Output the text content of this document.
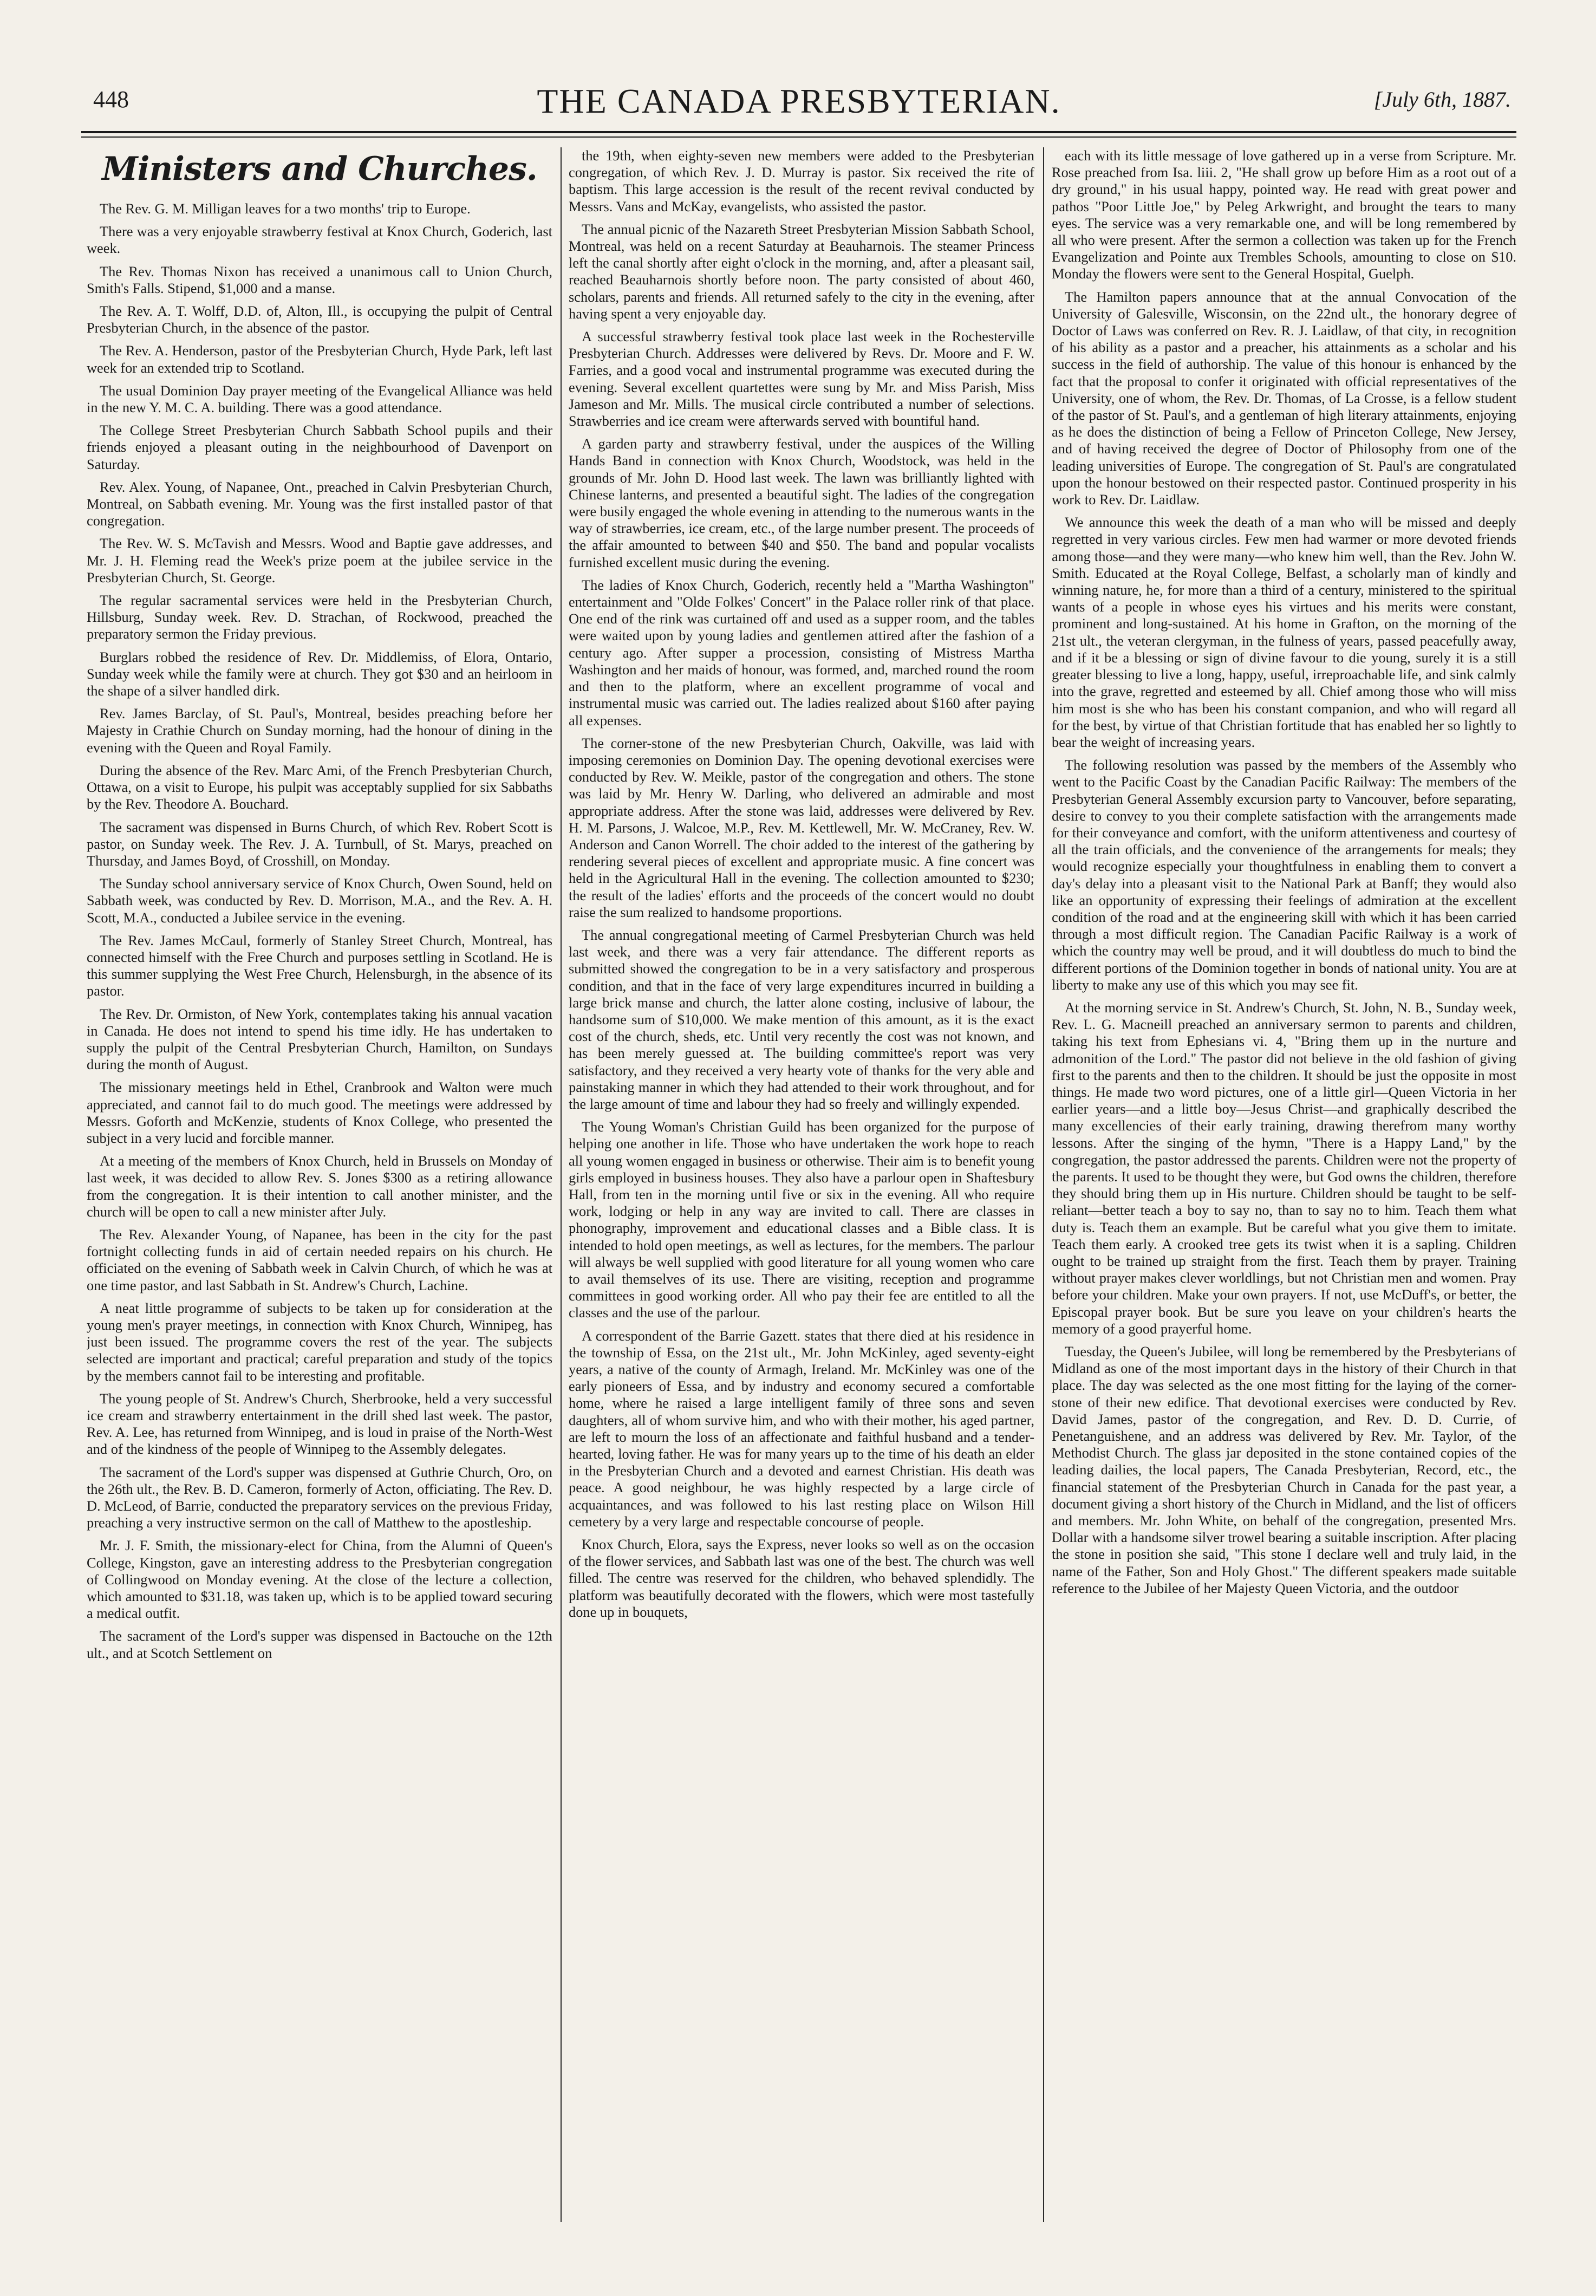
448	THE CANADA PRESBYTERIAN.	[July 6th, 1887.
Ministers and Churches.

The Rev. G. M. Milligan leaves for a two months' trip to Europe.

There was a very enjoyable strawberry festival at Knox Church, Goderich, last week.

The Rev. Thomas Nixon has received a unanimous call to Union Church, Smith's Falls. Stipend, $1,000 and a manse.

The Rev. A. T. Wolff, D.D. of, Alton, Ill., is occupying the pulpit of Central Presbyterian Church, in the absence of the pastor.

The Rev. A. Henderson, pastor of the Presbyterian Church, Hyde Park, left last week for an extended trip to Scotland.

The usual Dominion Day prayer meeting of the Evangelical Alliance was held in the new Y. M. C. A. building. There was a good attendance.

The College Street Presbyterian Church Sabbath School pupils and their friends enjoyed a pleasant outing in the neighbourhood of Davenport on Saturday.

Rev. Alex. Young, of Napanee, Ont., preached in Calvin Presbyterian Church, Montreal, on Sabbath evening. Mr. Young was the first installed pastor of that congregation.

The Rev. W. S. McTavish and Messrs. Wood and Baptie gave addresses, and Mr. J. H. Fleming read the Week's prize poem at the jubilee service in the Presbyterian Church, St. George.

The regular sacramental services were held in the Presbyterian Church, Hillsburg, Sunday week. Rev. D. Strachan, of Rockwood, preached the preparatory sermon the Friday previous.

Burglars robbed the residence of Rev. Dr. Middlemiss, of Elora, Ontario, Sunday week while the family were at church. They got $30 and an heirloom in the shape of a silver handled dirk.

Rev. James Barclay, of St. Paul's, Montreal, besides preaching before her Majesty in Crathie Church on Sunday morning, had the honour of dining in the evening with the Queen and Royal Family.

During the absence of the Rev. Marc Ami, of the French Presbyterian Church, Ottawa, on a visit to Europe, his pulpit was acceptably supplied for six Sabbaths by the Rev. Theodore A. Bouchard.

The sacrament was dispensed in Burns Church, of which Rev. Robert Scott is pastor, on Sunday week. The Rev. J. A. Turnbull, of St. Marys, preached on Thursday, and James Boyd, of Crosshill, on Monday.

The Sunday school anniversary service of Knox Church, Owen Sound, held on Sabbath week, was conducted by Rev. D. Morrison, M.A., and the Rev. A. H. Scott, M.A., conducted a Jubilee service in the evening.

The Rev. James McCaul, formerly of Stanley Street Church, Montreal, has connected himself with the Free Church and purposes settling in Scotland. He is this summer supplying the West Free Church, Helensburgh, in the absence of its pastor.

The Rev. Dr. Ormiston, of New York, contemplates taking his annual vacation in Canada. He does not intend to spend his time idly. He has undertaken to supply the pulpit of the Central Presbyterian Church, Hamilton, on Sundays during the month of August.

The missionary meetings held in Ethel, Cranbrook and Walton were much appreciated, and cannot fail to do much good. The meetings were addressed by Messrs. Goforth and McKenzie, students of Knox College, who presented the subject in a very lucid and forcible manner.

At a meeting of the members of Knox Church, held in Brussels on Monday of last week, it was decided to allow Rev. S. Jones $300 as a retiring allowance from the congregation. It is their intention to call another minister, and the church will be open to call a new minister after July.

The Rev. Alexander Young, of Napanee, has been in the city for the past fortnight collecting funds in aid of certain needed repairs on his church. He officiated on the evening of Sabbath week in Calvin Church, of which he was at one time pastor, and last Sabbath in St. Andrew's Church, Lachine.

A neat little programme of subjects to be taken up for consideration at the young men's prayer meetings, in connection with Knox Church, Winnipeg, has just been issued. The programme covers the rest of the year. The subjects selected are important and practical; careful preparation and study of the topics by the members cannot fail to be interesting and profitable.

The young people of St. Andrew's Church, Sherbrooke, held a very successful ice cream and strawberry entertainment in the drill shed last week. The pastor, Rev. A. Lee, has returned from Winnipeg, and is loud in praise of the North-West and of the kindness of the people of Winnipeg to the Assembly delegates.

The sacrament of the Lord's supper was dispensed at Guthrie Church, Oro, on the 26th ult., the Rev. B. D. Cameron, formerly of Acton, officiating. The Rev. D. D. McLeod, of Barrie, conducted the preparatory services on the previous Friday, preaching a very instructive sermon on the call of Matthew to the apostleship.

Mr. J. F. Smith, the missionary-elect for China, from the Alumni of Queen's College, Kingston, gave an interesting address to the Presbyterian congregation of Collingwood on Monday evening. At the close of the lecture a collection, which amounted to $31.18, was taken up, which is to be applied toward securing a medical outfit.

The sacrament of the Lord's supper was dispensed in Bactouche on the 12th ult., and at Scotch Settlement on

the 19th, when eighty-seven new members were added to the Presbyterian congregation, of which Rev. J. D. Murray is pastor. Six received the rite of baptism. This large accession is the result of the recent revival conducted by Messrs. Vans and McKay, evangelists, who assisted the pastor.

The annual picnic of the Nazareth Street Presbyterian Mission Sabbath School, Montreal, was held on a recent Saturday at Beauharnois. The steamer Princess left the canal shortly after eight o'clock in the morning, and, after a pleasant sail, reached Beauharnois shortly before noon. The party consisted of about 460, scholars, parents and friends. All returned safely to the city in the evening, after having spent a very enjoyable day.

A successful strawberry festival took place last week in the Rochesterville Presbyterian Church. Addresses were delivered by Revs. Dr. Moore and F. W. Farries, and a good vocal and instrumental programme was executed during the evening. Several excellent quartettes were sung by Mr. and Miss Parish, Miss Jameson and Mr. Mills. The musical circle contributed a number of selections. Strawberries and ice cream were afterwards served with bountiful hand.

A garden party and strawberry festival, under the auspices of the Willing Hands Band in connection with Knox Church, Woodstock, was held in the grounds of Mr. John D. Hood last week. The lawn was brilliantly lighted with Chinese lanterns, and presented a beautiful sight. The ladies of the congregation were busily engaged the whole evening in attending to the numerous wants in the way of strawberries, ice cream, etc., of the large number present. The proceeds of the affair amounted to between $40 and $50. The band and popular vocalists furnished excellent music during the evening.

The ladies of Knox Church, Goderich, recently held a "Martha Washington" entertainment and "Olde Folkes' Concert" in the Palace roller rink of that place. One end of the rink was curtained off and used as a supper room, and the tables were waited upon by young ladies and gentlemen attired after the fashion of a century ago. After supper a procession, consisting of Mistress Martha Washington and her maids of honour, was formed, and, marched round the room and then to the platform, where an excellent programme of vocal and instrumental music was carried out. The ladies realized about $160 after paying all expenses.

The corner-stone of the new Presbyterian Church, Oakville, was laid with imposing ceremonies on Dominion Day. The opening devotional exercises were conducted by Rev. W. Meikle, pastor of the congregation and others. The stone was laid by Mr. Henry W. Darling, who delivered an admirable and most appropriate address. After the stone was laid, addresses were delivered by Rev. H. M. Parsons, J. Walcoe, M.P., Rev. M. Kettlewell, Mr. W. McCraney, Rev. W. Anderson and Canon Worrell. The choir added to the interest of the gathering by rendering several pieces of excellent and appropriate music. A fine concert was held in the Agricultural Hall in the evening. The collection amounted to $230; the result of the ladies' efforts and the proceeds of the concert would no doubt raise the sum realized to handsome proportions.

The annual congregational meeting of Carmel Presbyterian Church was held last week, and there was a very fair attendance. The different reports as submitted showed the congregation to be in a very satisfactory and prosperous condition, and that in the face of very large expenditures incurred in building a large brick manse and church, the latter alone costing, inclusive of labour, the handsome sum of $10,000. We make mention of this amount, as it is the exact cost of the church, sheds, etc. Until very recently the cost was not known, and has been merely guessed at. The building committee's report was very satisfactory, and they received a very hearty vote of thanks for the very able and painstaking manner in which they had attended to their work throughout, and for the large amount of time and labour they had so freely and willingly expended.

The Young Woman's Christian Guild has been organized for the purpose of helping one another in life. Those who have undertaken the work hope to reach all young women engaged in business or otherwise. Their aim is to benefit young girls employed in business houses. They also have a parlour open in Shaftesbury Hall, from ten in the morning until five or six in the evening. All who require work, lodging or help in any way are invited to call. There are classes in phonography, improvement and educational classes and a Bible class. It is intended to hold open meetings, as well as lectures, for the members. The parlour will always be well supplied with good literature for all young women who care to avail themselves of its use. There are visiting, reception and programme committees in good working order. All who pay their fee are entitled to all the classes and the use of the parlour.

A correspondent of the Barrie Gazett. states that there died at his residence in the township of Essa, on the 21st ult., Mr. John McKinley, aged seventy-eight years, a native of the county of Armagh, Ireland. Mr. McKinley was one of the early pioneers of Essa, and by industry and economy secured a comfortable home, where he raised a large intelligent family of three sons and seven daughters, all of whom survive him, and who with their mother, his aged partner, are left to mourn the loss of an affectionate and faithful husband and a tender-hearted, loving father. He was for many years up to the time of his death an elder in the Presbyterian Church and a devoted and earnest Christian. His death was peace. A good neighbour, he was highly respected by a large circle of acquaintances, and was followed to his last resting place on Wilson Hill cemetery by a very large and respectable concourse of people.

Knox Church, Elora, says the Express, never looks so well as on the occasion of the flower services, and Sabbath last was one of the best. The church was well filled. The centre was reserved for the children, who behaved splendidly. The platform was beautifully decorated with the flowers, which were most tastefully done up in bouquets,

each with its little message of love gathered up in a verse from Scripture. Mr. Rose preached from Isa. liii. 2, "He shall grow up before Him as a root out of a dry ground," in his usual happy, pointed way. He read with great power and pathos "Poor Little Joe," by Peleg Arkwright, and brought the tears to many eyes. The service was a very remarkable one, and will be long remembered by all who were present. After the sermon a collection was taken up for the French Evangelization and Pointe aux Trembles Schools, amounting to close on $10. Monday the flowers were sent to the General Hospital, Guelph.

The Hamilton papers announce that at the annual Convocation of the University of Galesville, Wisconsin, on the 22nd ult., the honorary degree of Doctor of Laws was conferred on Rev. R. J. Laidlaw, of that city, in recognition of his ability as a pastor and a preacher, his attainments as a scholar and his success in the field of authorship. The value of this honour is enhanced by the fact that the proposal to confer it originated with official representatives of the University, one of whom, the Rev. Dr. Thomas, of La Crosse, is a fellow student of the pastor of St. Paul's, and a gentleman of high literary attainments, enjoying as he does the distinction of being a Fellow of Princeton College, New Jersey, and of having received the degree of Doctor of Philosophy from one of the leading universities of Europe. The congregation of St. Paul's are congratulated upon the honour bestowed on their respected pastor. Continued prosperity in his work to Rev. Dr. Laidlaw.

We announce this week the death of a man who will be missed and deeply regretted in very various circles. Few men had warmer or more devoted friends among those—and they were many—who knew him well, than the Rev. John W. Smith. Educated at the Royal College, Belfast, a scholarly man of kindly and winning nature, he, for more than a third of a century, ministered to the spiritual wants of a people in whose eyes his virtues and his merits were constant, prominent and long-sustained. At his home in Grafton, on the morning of the 21st ult., the veteran clergyman, in the fulness of years, passed peacefully away, and if it be a blessing or sign of divine favour to die young, surely it is a still greater blessing to live a long, happy, useful, irreproachable life, and sink calmly into the grave, regretted and esteemed by all. Chief among those who will miss him most is she who has been his constant companion, and who will regard all for the best, by virtue of that Christian fortitude that has enabled her so lightly to bear the weight of increasing years.

The following resolution was passed by the members of the Assembly who went to the Pacific Coast by the Canadian Pacific Railway: The members of the Presbyterian General Assembly excursion party to Vancouver, before separating, desire to convey to you their complete satisfaction with the arrangements made for their conveyance and comfort, with the uniform attentiveness and courtesy of all the train officials, and the convenience of the arrangements for meals; they would recognize especially your thoughtfulness in enabling them to convert a day's delay into a pleasant visit to the National Park at Banff; they would also like an opportunity of expressing their feelings of admiration at the excellent condition of the road and at the engineering skill with which it has been carried through a most difficult region. The Canadian Pacific Railway is a work of which the country may well be proud, and it will doubtless do much to bind the different portions of the Dominion together in bonds of national unity. You are at liberty to make any use of this which you may see fit.

At the morning service in St. Andrew's Church, St. John, N. B., Sunday week, Rev. L. G. Macneill preached an anniversary sermon to parents and children, taking his text from Ephesians vi. 4, "Bring them up in the nurture and admonition of the Lord." The pastor did not believe in the old fashion of giving first to the parents and then to the children. It should be just the opposite in most things. He made two word pictures, one of a little girl—Queen Victoria in her earlier years—and a little boy—Jesus Christ—and graphically described the many excellencies of their early training, drawing therefrom many worthy lessons. After the singing of the hymn, "There is a Happy Land," by the congregation, the pastor addressed the parents. Children were not the property of the parents. It used to be thought they were, but God owns the children, therefore they should bring them up in His nurture. Children should be taught to be self-reliant—better teach a boy to say no, than to say no to him. Teach them what duty is. Teach them an example. But be careful what you give them to imitate. Teach them early. A crooked tree gets its twist when it is a sapling. Children ought to be trained up straight from the first. Teach them by prayer. Training without prayer makes clever worldlings, but not Christian men and women. Pray before your children. Make your own prayers. If not, use McDuff's, or better, the Episcopal prayer book. But be sure you leave on your children's hearts the memory of a good prayerful home.

Tuesday, the Queen's Jubilee, will long be remembered by the Presbyterians of Midland as one of the most important days in the history of their Church in that place. The day was selected as the one most fitting for the laying of the corner-stone of their new edifice. That devotional exercises were conducted by Rev. David James, pastor of the congregation, and Rev. D. D. Currie, of Penetanguishene, and an address was delivered by Rev. Mr. Taylor, of the Methodist Church. The glass jar deposited in the stone contained copies of the leading dailies, the local papers, The Canada Presbyterian, Record, etc., the financial statement of the Presbyterian Church in Canada for the past year, a document giving a short history of the Church in Midland, and the list of officers and members. Mr. John White, on behalf of the congregation, presented Mrs. Dollar with a handsome silver trowel bearing a suitable inscription. After placing the stone in position she said, "This stone I declare well and truly laid, in the name of the Father, Son and Holy Ghost." The different speakers made suitable reference to the Jubilee of her Majesty Queen Victoria, and the outdoor
